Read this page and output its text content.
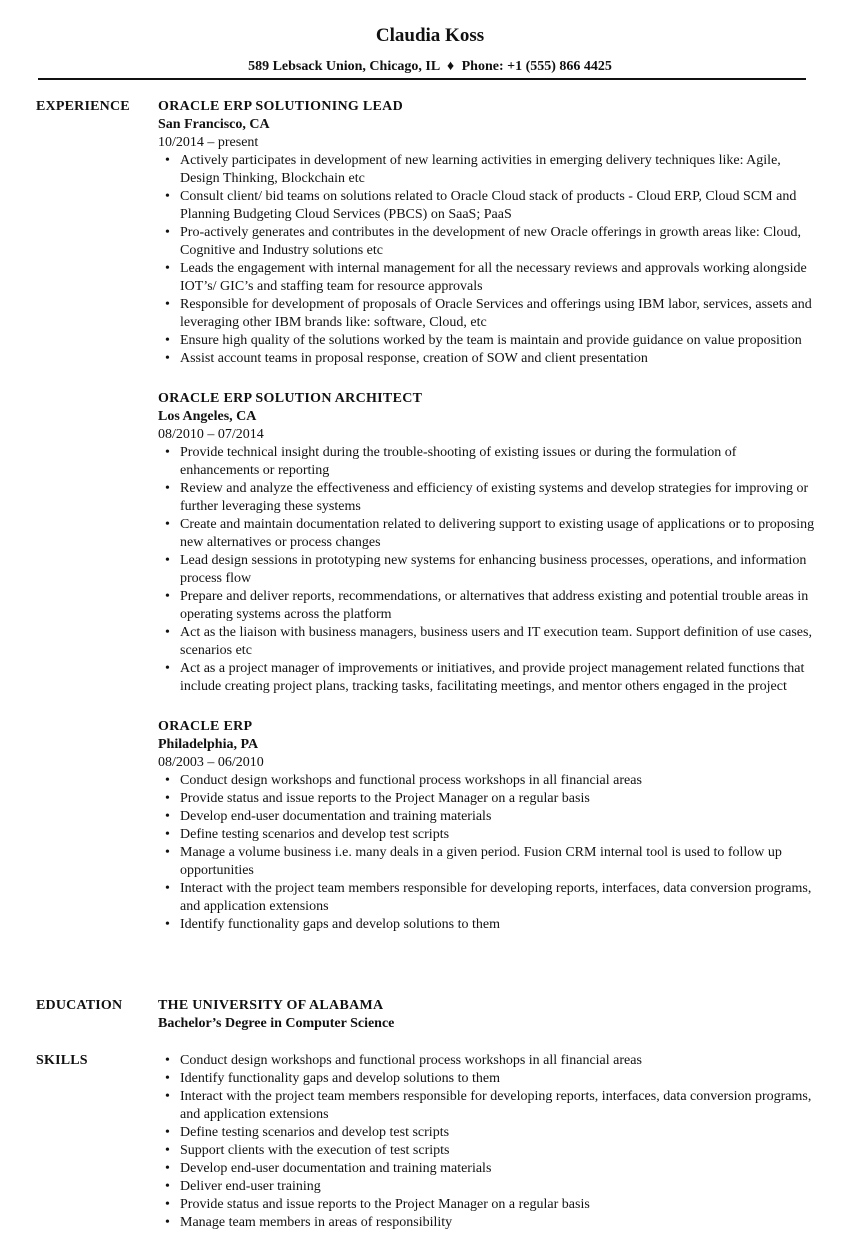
Claudia Koss
589 Lebsack Union, Chicago, IL ♦ Phone: +1 (555) 866 4425
EXPERIENCE ORACLE ERP SOLUTIONING LEAD
San Francisco, CA
10/2014 – present
• Actively participates in development of new learning activities in emerging delivery techniques like: Agile, Design Thinking, Blockchain etc
• Consult client/ bid teams on solutions related to Oracle Cloud stack of products - Cloud ERP, Cloud SCM and Planning Budgeting Cloud Services (PBCS) on SaaS; PaaS
• Pro-actively generates and contributes in the development of new Oracle offerings in growth areas like: Cloud, Cognitive and Industry solutions etc
• Leads the engagement with internal management for all the necessary reviews and approvals working alongside IOT’s/ GIC’s and staffing team for resource approvals
• Responsible for development of proposals of Oracle Services and offerings using IBM labor, services, assets and leveraging other IBM brands like: software, Cloud, etc
• Ensure high quality of the solutions worked by the team is maintain and provide guidance on value proposition
• Assist account teams in proposal response, creation of SOW and client presentation
ORACLE ERP SOLUTION ARCHITECT
Los Angeles, CA
08/2010 – 07/2014
• Provide technical insight during the trouble-shooting of existing issues or during the formulation of enhancements or reporting
• Review and analyze the effectiveness and efficiency of existing systems and develop strategies for improving or further leveraging these systems
• Create and maintain documentation related to delivering support to existing usage of applications or to proposing new alternatives or process changes
• Lead design sessions in prototyping new systems for enhancing business processes, operations, and information process flow
• Prepare and deliver reports, recommendations, or alternatives that address existing and potential trouble areas in operating systems across the platform
• Act as the liaison with business managers, business users and IT execution team. Support definition of use cases, scenarios etc
• Act as a project manager of improvements or initiatives, and provide project management related functions that include creating project plans, tracking tasks, facilitating meetings, and mentor others engaged in the project
ORACLE ERP
Philadelphia, PA
08/2003 – 06/2010
• Conduct design workshops and functional process workshops in all financial areas
• Provide status and issue reports to the Project Manager on a regular basis
• Develop end-user documentation and training materials
• Define testing scenarios and develop test scripts
• Manage a volume business i.e. many deals in a given period. Fusion CRM internal tool is used to follow up opportunities
• Interact with the project team members responsible for developing reports, interfaces, data conversion programs, and application extensions
• Identify functionality gaps and develop solutions to them
EDUCATION	THE UNIVERSITY OF ALABAMA
Bachelor’s Degree in Computer Science
SKILLS	• Conduct design workshops and functional process workshops in all financial areas
• Identify functionality gaps and develop solutions to them
• Interact with the project team members responsible for developing reports, interfaces, data conversion programs, and application extensions
• Define testing scenarios and develop test scripts
• Support clients with the execution of test scripts
• Develop end-user documentation and training materials
• Deliver end-user training
• Provide status and issue reports to the Project Manager on a regular basis
• Manage team members in areas of responsibility
